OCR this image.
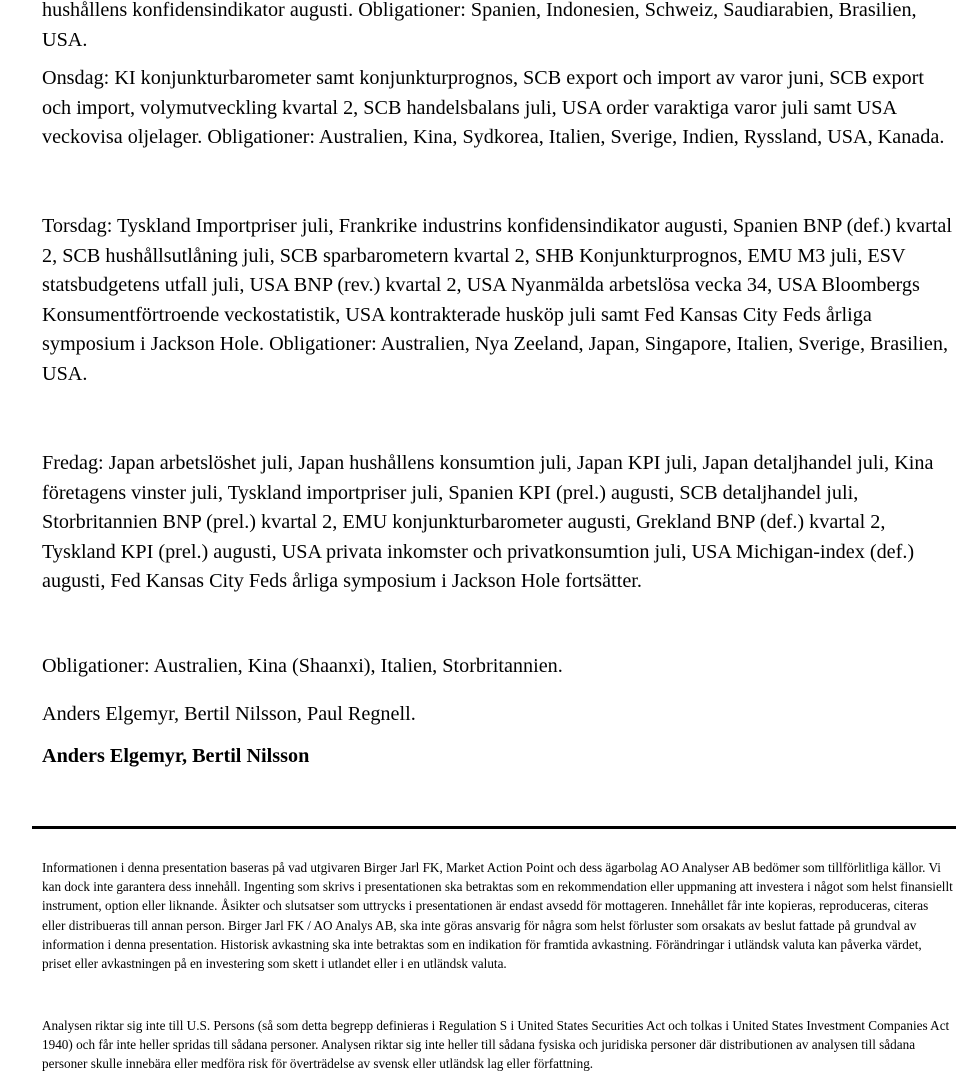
hushållens konfidensindikator augusti. Obligationer: Spanien, Indonesien, Schweiz, Saudiarabien, Brasilien, USA.

Onsdag: KI konjunkturbarometer samt konjunkturprognos, SCB export och import av varor juni, SCB export och import, volymutveckling kvartal 2, SCB handelsbalans juli, USA order varaktiga varor juli samt USA veckovisa oljelager. Obligationer: Australien, Kina, Sydkorea, Italien, Sverige, Indien, Ryssland, USA, Kanada.

Torsdag: Tyskland Importpriser juli, Frankrike industrins konfidensindikator augusti, Spanien BNP (def.) kvartal 2, SCB hushållsutlåning juli, SCB sparbarometern kvartal 2, SHB Konjunkturprognos, EMU M3 juli, ESV statsbudgetens utfall juli, USA BNP (rev.) kvartal 2, USA Nyanmälda arbetslösa vecka 34, USA Bloombergs Konsumentförtroende veckostatistik, USA kontrakterade husköp juli samt Fed Kansas City Feds årliga symposium i Jackson Hole. Obligationer: Australien, Nya Zeeland, Japan, Singapore, Italien, Sverige, Brasilien, USA.

Fredag: Japan arbetslöshet juli, Japan hushållens konsumtion juli, Japan KPI juli, Japan detaljhandel juli, Kina företagens vinster juli, Tyskland importpriser juli, Spanien KPI (prel.) augusti, SCB detaljhandel juli, Storbritannien BNP (prel.) kvartal 2, EMU konjunkturbarometer augusti, Grekland BNP (def.) kvartal 2, Tyskland KPI (prel.) augusti, USA privata inkomster och privatkonsumtion juli, USA Michigan-index (def.) augusti, Fed Kansas City Feds årliga symposium i Jackson Hole fortsätter.

Obligationer: Australien, Kina (Shaanxi), Italien, Storbritannien.

Anders Elgemyr, Bertil Nilsson, Paul Regnell.

Anders Elgemyr, Bertil Nilsson

Informationen i denna presentation baseras på vad utgivaren Birger Jarl FK, Market Action Point och dess ägarbolag AO Analyser AB bedömer som tillförlitliga källor. Vi kan dock inte garantera dess innehåll. Ingenting som skrivs i presentationen ska betraktas som en rekommendation eller uppmaning att investera i något som helst finansiellt instrument, option eller liknande. Åsikter och slutsatser som uttrycks i presentationen är endast avsedd för mottageren. Innehållet får inte kopieras, reproduceras, citeras eller distribueras till annan person. Birger Jarl FK / AO Analys AB, ska inte göras ansvarig för några som helst förluster som orsakats av beslut fattade på grundval av information i denna presentation. Historisk avkastning ska inte betraktas som en indikation för framtida avkastning. Förändringar i utländsk valuta kan påverka värdet, priset eller avkastningen på en investering som skett i utlandet eller i en utländsk valuta.

Analysen riktar sig inte till U.S. Persons (så som detta begrepp definieras i Regulation S i United States Securities Act och tolkas i United States Investment Companies Act 1940) och får inte heller spridas till sådana personer. Analysen riktar sig inte heller till sådana fysiska och juridiska personer där distributionen av analysen till sådana personer skulle innebära eller medföra risk för överträdelse av svensk eller utländsk lag eller författning.
